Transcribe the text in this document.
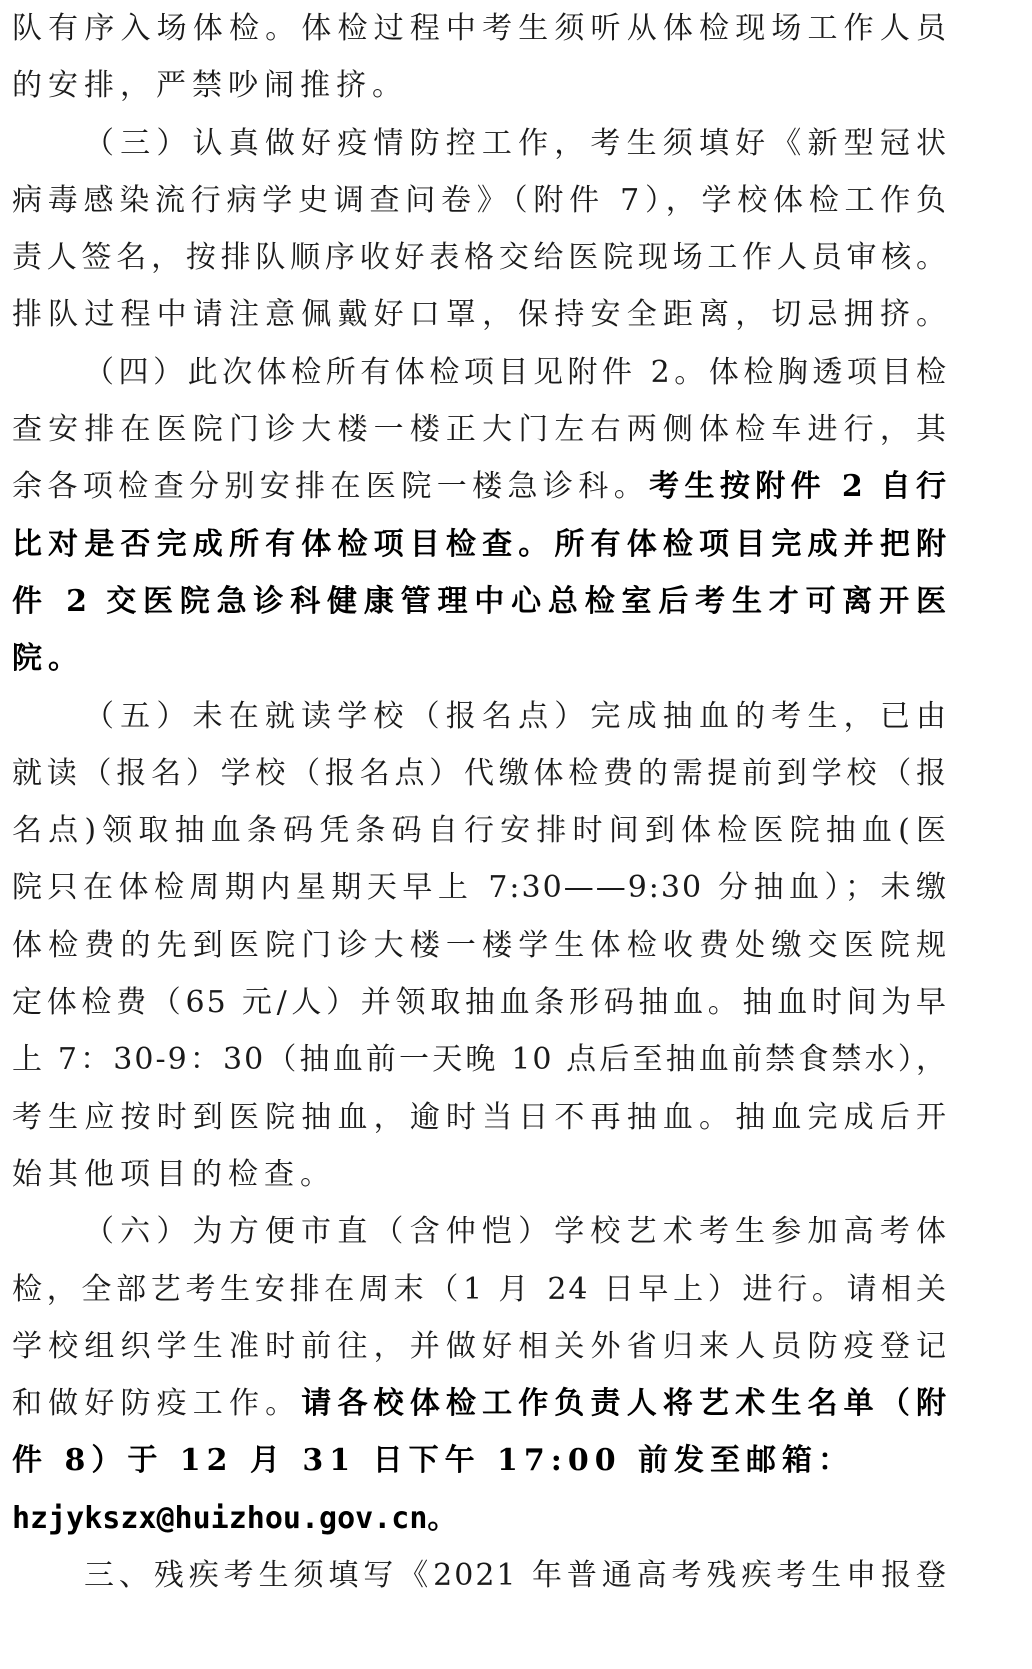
队有序入场体检。体检过程中考生须听从体检现场工作人员
的安排，严禁吵闹推挤。
（三）认真做好疫情防控工作，考生须填好《新型冠状
病毒感染流行病学史调查问卷》（附件 7），学校体检工作负
责人签名，按排队顺序收好表格交给医院现场工作人员审核。
排队过程中请注意佩戴好口罩，保持安全距离，切忌拥挤。
（四）此次体检所有体检项目见附件 2。体检胸透项目检
查安排在医院门诊大楼一楼正大门左右两侧体检车进行，其
余各项检查分别安排在医院一楼急诊科。考生按附件 2 自行
比对是否完成所有体检项目检查。所有体检项目完成并把附
件 2 交医院急诊科健康管理中心总检室后考生才可离开医
院。
（五）未在就读学校（报名点）完成抽血的考生，已由
就读（报名）学校（报名点）代缴体检费的需提前到学校（报
名点)领取抽血条码凭条码自行安排时间到体检医院抽血(医
院只在体检周期内星期天早上 7:30——9:30 分抽血）；未缴
体检费的先到医院门诊大楼一楼学生体检收费处缴交医院规
定体检费（65 元/人）并领取抽血条形码抽血。抽血时间为早
上 7：30-9：30（抽血前一天晚 10 点后至抽血前禁食禁水），
考生应按时到医院抽血，逾时当日不再抽血。抽血完成后开
始其他项目的检查。
（六）为方便市直（含仲恺）学校艺术考生参加高考体
检，全部艺考生安排在周末（1 月 24 日早上）进行。请相关
学校组织学生准时前往，并做好相关外省归来人员防疫登记
和做好防疫工作。请各校体检工作负责人将艺术生名单（附
件 8）于 12 月 31 日下午 17:00 前发至邮箱：
hzjykszx@huizhou.gov.cn。
三、残疾考生须填写《2021 年普通高考残疾考生申报登
